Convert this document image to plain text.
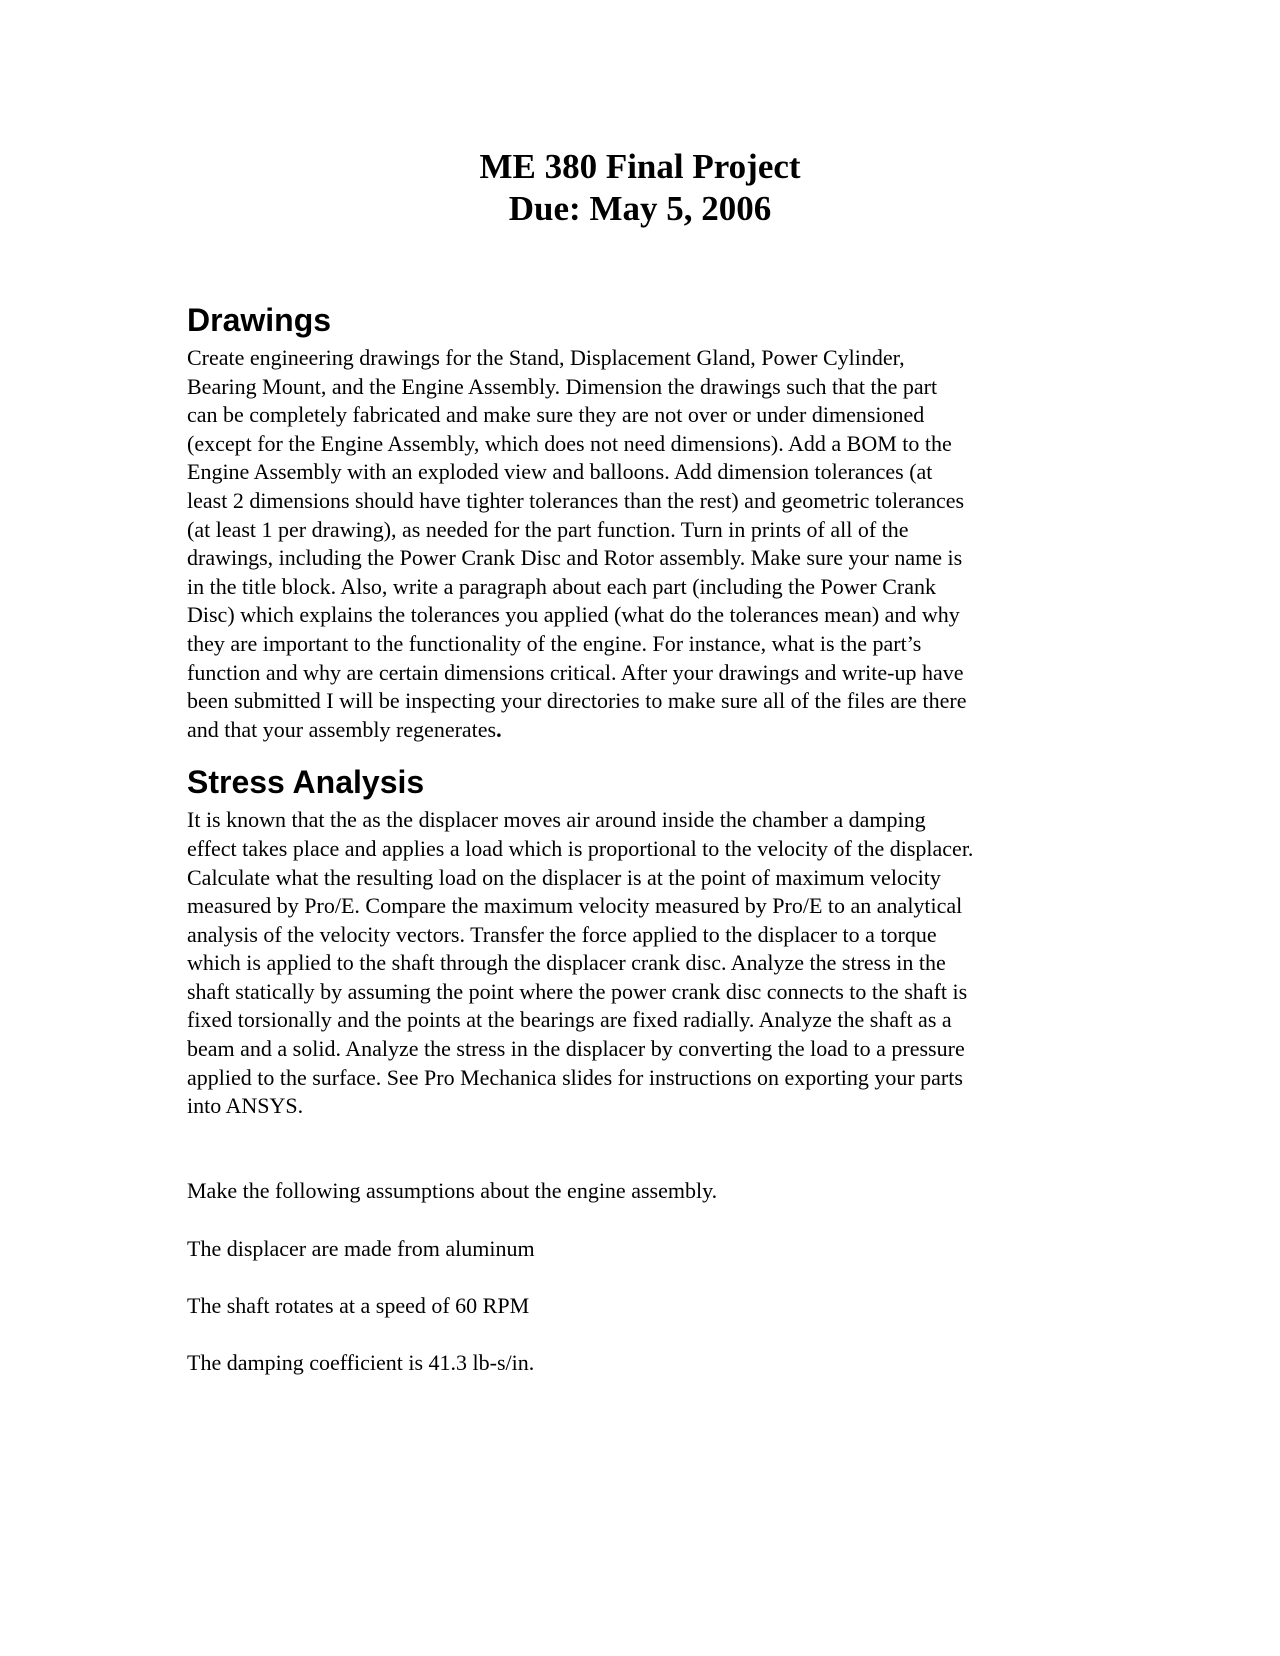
ME 380 Final Project
Due: May 5, 2006
Drawings

Create engineering drawings for the Stand, Displacement Gland, Power Cylinder,
Bearing Mount, and the Engine Assembly. Dimension the drawings such that the part
can be completely fabricated and make sure they are not over or under dimensioned
(except for the Engine Assembly, which does not need dimensions). Add a BOM to the
Engine Assembly with an exploded view and balloons. Add dimension tolerances (at
least 2 dimensions should have tighter tolerances than the rest) and geometric tolerances
(at least 1 per drawing), as needed for the part function. Turn in prints of all of the
drawings, including the Power Crank Disc and Rotor assembly. Make sure your name is
in the title block. Also, write a paragraph about each part (including the Power Crank
Disc) which explains the tolerances you applied (what do the tolerances mean) and why
they are important to the functionality of the engine. For instance, what is the part’s
function and why are certain dimensions critical. After your drawings and write-up have
been submitted I will be inspecting your directories to make sure all of the files are there
and that your assembly regenerates.

Stress Analysis

It is known that the as the displacer moves air around inside the chamber a damping
effect takes place and applies a load which is proportional to the velocity of the displacer.
Calculate what the resulting load on the displacer is at the point of maximum velocity
measured by Pro/E. Compare the maximum velocity measured by Pro/E to an analytical
analysis of the velocity vectors. Transfer the force applied to the displacer to a torque
which is applied to the shaft through the displacer crank disc. Analyze the stress in the
shaft statically by assuming the point where the power crank disc connects to the shaft is
fixed torsionally and the points at the bearings are fixed radially. Analyze the shaft as a
beam and a solid. Analyze the stress in the displacer by converting the load to a pressure
applied to the surface. See Pro Mechanica slides for instructions on exporting your parts
into ANSYS.

Make the following assumptions about the engine assembly.

The displacer are made from aluminum

The shaft rotates at a speed of 60 RPM

The damping coefficient is 41.3 lb-s/in.
